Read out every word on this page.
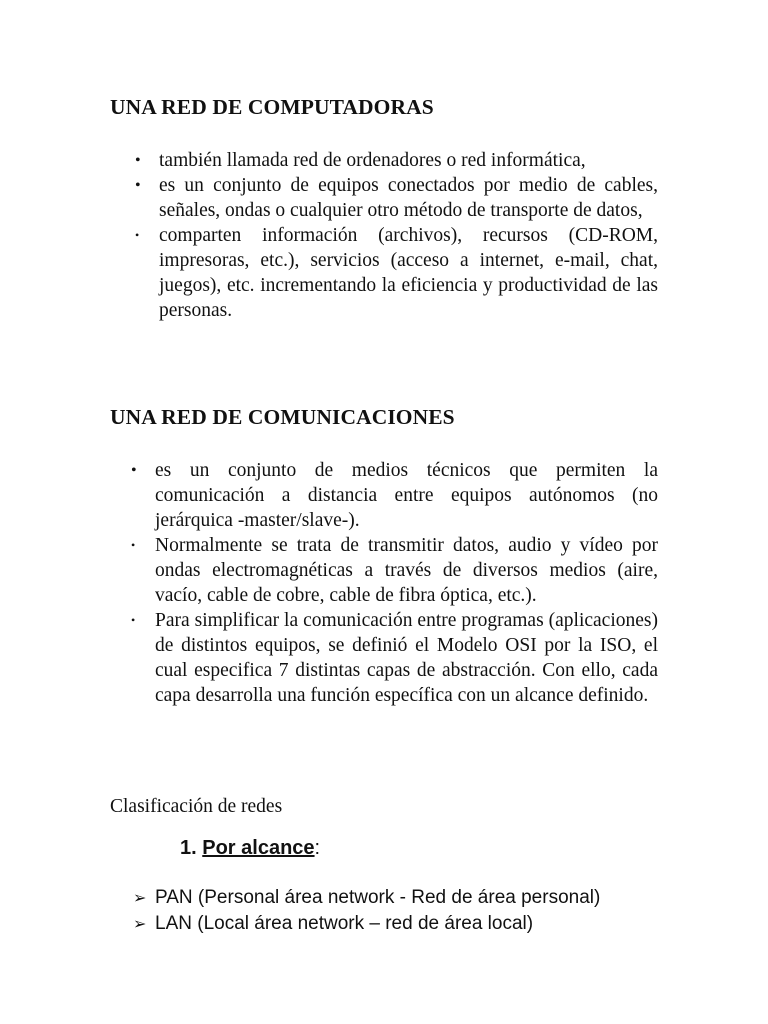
UNA RED DE COMPUTADORAS
• también llamada red de ordenadores o red informática,
• es un conjunto de equipos conectados por medio de cables, señales, ondas o cualquier otro método de transporte de datos,
• comparten información (archivos), recursos (CD-ROM, impresoras, etc.), servicios (acceso a internet, e-mail, chat, juegos), etc. incrementando la eficiencia y productividad de las personas.
UNA RED DE COMUNICACIONES
• es un conjunto de medios técnicos que permiten la comunicación a distancia entre equipos autónomos (no jerárquica -master/slave-).
• Normalmente se trata de transmitir datos, audio y vídeo por ondas electromagnéticas a través de diversos medios (aire, vacío, cable de cobre, cable de fibra óptica, etc.).
• Para simplificar la comunicación entre programas (aplicaciones) de distintos equipos, se definió el Modelo OSI por la ISO, el cual especifica 7 distintas capas de abstracción. Con ello, cada capa desarrolla una función específica con un alcance definido.

Clasificación de redes

1. Por alcance:

➢ PAN (Personal área network - Red de área personal)
➢ LAN (Local área network – red de área local)
